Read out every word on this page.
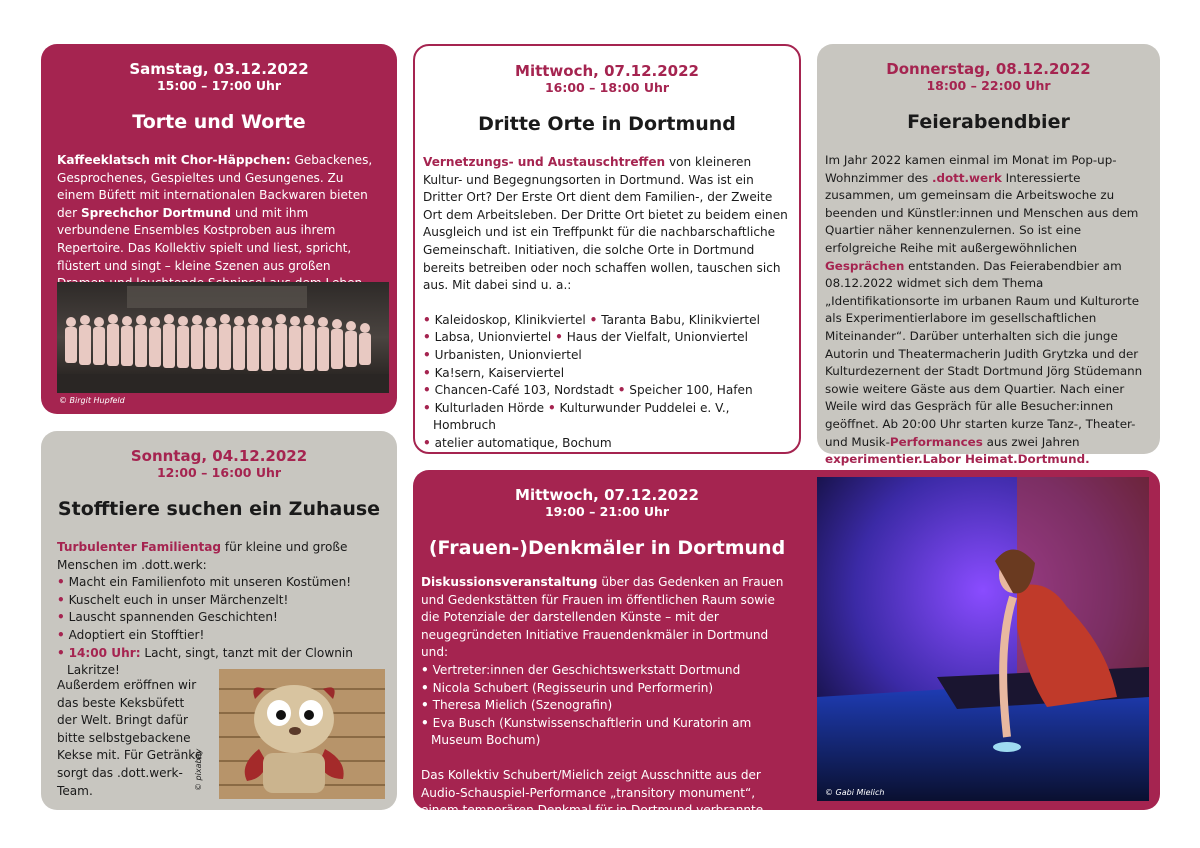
Samstag, 03.12.2022
15:00 – 17:00 Uhr
Torte und Worte
Kaffeeklatsch mit Chor-Häppchen: Gebackenes, Gesprochenes, Gespieltes und Gesungenes. Zu einem Büfett mit internationalen Backwaren bieten der Sprechchor Dortmund und mit ihm verbundene Ensembles Kostproben aus ihrem Repertoire. Das Kollektiv spielt und liest, spricht, flüstert und singt – kleine Szenen aus großen
© Birgit Hupfeld
Mittwoch, 07.12.2022
16:00 – 18:00 Uhr
Dritte Orte in Dortmund
Vernetzungs- und Austauschtreffen von kleineren Kultur- und Begegnungsorten in Dortmund. Was ist ein Dritter Ort? Der Erste Ort dient dem Familien-, der Zweite Ort dem Arbeitsleben. Der Dritte Ort bietet zu beidem einen Ausgleich und ist ein Treffpunkt für die nachbarschaftliche Gemeinschaft. Initiativen, die solche Orte in Dortmund bereits betreiben oder noch schaffen wollen, tauschen sich aus. Mit dabei sind u. a.:
• Kaleidoskop, Klinikviertel • Taranta Babu, Klinikviertel
• Labsa, Unionviertel • Haus der Vielfalt, Unionviertel
• Urbanisten, Unionviertel
• Ka!sern, Kaiserviertel
• Chancen-Café 103, Nordstadt • Speicher 100, Hafen
• Kulturladen Hörde • Kulturwunder Puddelei e. V., Hombruch
• atelier automatique, Bochum
Donnerstag, 08.12.2022
18:00 – 22:00 Uhr
Feierabendbier
Im Jahr 2022 kamen einmal im Monat im Pop-up-Wohnzimmer des .dott.werk Interessierte zusammen, um gemeinsam die Arbeitswoche zu beenden und Künstler:innen und Menschen aus dem Quartier näher kennenzulernen. So ist eine erfolgreiche Reihe mit außergewöhnlichen Gesprächen entstanden. Das Feierabendbier am 08.12.2022 widmet sich dem Thema „Identifikationsorte im urbanen Raum und Kulturorte als Experimentierlabore im gesellschaftlichen Miteinander“. Darüber unterhalten sich die junge Autorin und Theatermacherin Judith Grytzka und der Kulturdezernent der Stadt Dortmund Jörg Stüdemann sowie weitere Gäste aus dem Quartier. Nach einer Weile wird das Gespräch für alle Besucher:innen geöffnet. Ab 20:00 Uhr starten kurze Tanz-, Theater- und Musik-Performances aus zwei Jahren experimentier.Labor Heimat.Dortmund.
Sonntag, 04.12.2022
12:00 – 16:00 Uhr
Stofftiere suchen ein Zuhause
Turbulenter Familientag für kleine und große Menschen im .dott.werk:
• Macht ein Familienfoto mit unseren Kostümen!
• Kuschelt euch in unser Märchenzelt!
• Lauscht spannenden Geschichten!
• Adoptiert ein Stofftier!
• 14:00 Uhr: Lacht, singt, tanzt mit der Clownin Lakritze!
Außerdem eröffnen wir das beste Keksbüfett der Welt. Bringt dafür bitte selbstgebackene Kekse mit. Für Getränke sorgt das .dott.werk-Team.	© pixabay
Mittwoch, 07.12.2022
19:00 – 21:00 Uhr
(Frauen-)Denkmäler in Dortmund
Diskussionsveranstaltung über das Gedenken an Frauen und Gedenkstätten für Frauen im öffentlichen Raum sowie die Potenziale der darstellenden Künste – mit der neugegründeten Initiative Frauendenkmäler in Dortmund und:
• Vertreter:innen der Geschichtswerkstatt Dortmund
• Nicola Schubert (Regisseurin und Performerin)
• Theresa Mielich (Szenografin)
• Eva Busch (Kunstwissenschaftlerin und Kuratorin am Museum Bochum)
Das Kollektiv Schubert/Mielich zeigt Ausschnitte aus der Audio-Schauspiel-Performance „transitory monument“, einem temporären Denkmal für in Dortmund verbrannte Hexen.
© Gabi Mielich
